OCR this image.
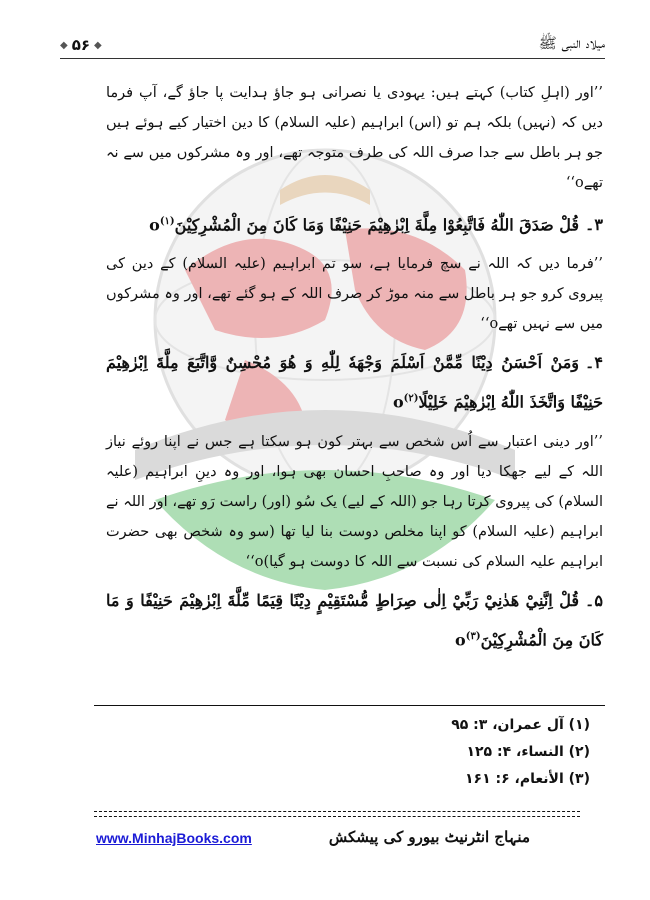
◆ ۵۶ ◆	میلاد النبی ﷺ

’’اور (اہلِ کتاب) کہتے ہیں: یہودی یا نصرانی ہو جاؤ ہدایت پا جاؤ گے، آپ فرما دیں کہ (نہیں) بلکہ ہم تو (اس) ابراہیم (علیہ السلام) کا دین اختیار کیے ہوئے ہیں جو ہر باطل سے جدا صرف اللہ کی طرف متوجہ تھے، اور وہ مشرکوں میں سے نہ تھےo‘‘

۳۔قُلْ صَدَقَ اللّٰهُ فَاتَّبِعُوْا مِلَّةَ اِبْرٰهِيْمَ حَنِيْفًا وَمَا كَانَ مِنَ الْمُشْرِكِيْنَo$^{(۱)}$

’’فرما دیں کہ اللہ نے سچ فرمایا ہے، سو تم ابراہیم (علیہ السلام) کے دین کی پیروی کرو جو ہر باطل سے منہ موڑ کر صرف اللہ کے ہو گئے تھے، اور وہ مشرکوں میں سے نہیں تھےo‘‘

۴۔وَمَنْ اَحْسَنُ دِيْنًا مِّمَّنْ اَسْلَمَ وَجْهَهٗ لِلّٰهِ وَ هُوَ مُحْسِنٌ وَّاتَّبَعَ مِلَّةَ اِبْرٰهِيْمَ حَنِيْفًا وَاتَّخَذَ اللّٰهُ اِبْرٰهِيْمَ خَلِيْلًاo$^{(۲)}$

’’اور دینی اعتبار سے اُس شخص سے بہتر کون ہو سکتا ہے جس نے اپنا روئے نیاز اللہ کے لیے جھکا دیا اور وہ صاحبِ احسان بھی ہوا، اور وہ دینِ ابراہیم (علیہ السلام) کی پیروی کرتا رہا جو (اللہ کے لیے) یک سُو (اور) راست رَو تھے، اور اللہ نے ابراہیم (علیہ السلام) کو اپنا مخلص دوست بنا لیا تھا (سو وہ شخص بھی حضرت ابراہیم علیہ السلام کی نسبت سے اللہ کا دوست ہو گیا)o‘‘

۵۔قُلْ اِنَّنِيْ هَدٰنِيْ رَبِّيْ اِلٰى صِرَاطٍ مُّسْتَقِيْمٍ دِيْنًا قِيَمًا مِّلَّةَ اِبْرٰهِيْمَ حَنِيْفًا وَ مَا كَانَ مِنَ الْمُشْرِكِيْنَo$^{(۳)}$

(۱) آل عمران، ۳: ۹۵
(۲) النساء، ۴: ۱۲۵
(۳) الأنعام، ۶: ۱۶۱
www.MinhajBooks.com	منہاج انٹرنیٹ بیورو کی پیشکش
